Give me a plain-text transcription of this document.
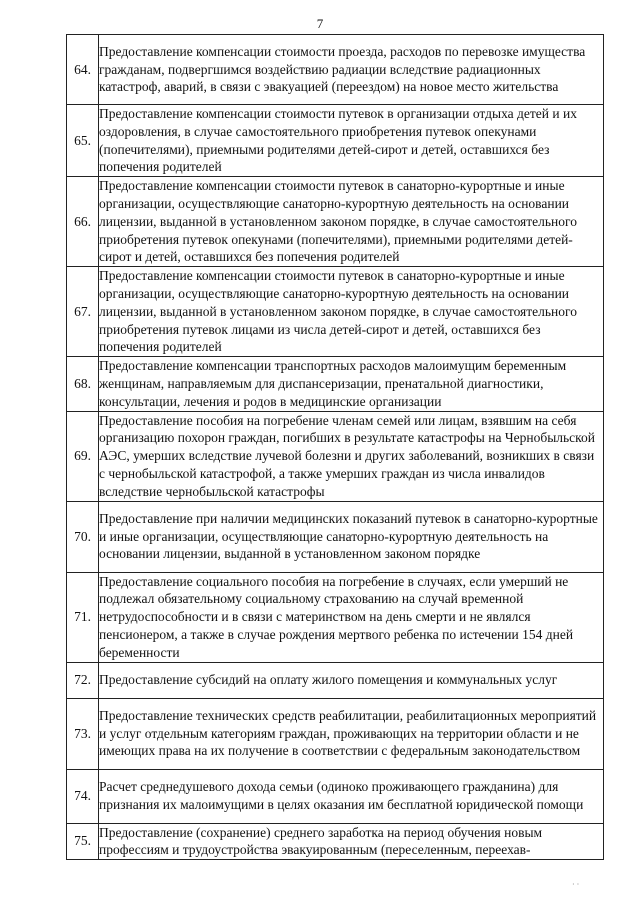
7
64.	Предоставление компенсации стоимости проезда, расходов по перевозке имущества гражданам, подвергшимся воздействию радиации вследствие радиационных катастроф, аварий, в связи с эвакуацией (переездом) на новое место жительства
65.	Предоставление компенсации стоимости путевок в организации отдыха детей и их оздоровления, в случае самостоятельного приобретения путевок опекунами (попечителями), приемными родителями детей-сирот и детей, оставшихся без попечения родителей
66.	Предоставление компенсации стоимости путевок в санаторно-курортные и иные организации, осуществляющие санаторно-курортную деятельность на основании лицензии, выданной в установленном законом порядке, в случае самостоятельного приобретения путевок опекунами (попечителями), приемными родителями детей-сирот и детей, оставшихся без попечения родителей
67.	Предоставление компенсации стоимости путевок в санаторно-курортные и иные организации, осуществляющие санаторно-курортную деятельность на основании лицензии, выданной в установленном законом порядке, в случае самостоятельного приобретения путевок лицами из числа детей-сирот и детей, оставшихся без попечения родителей
68.	Предоставление компенсации транспортных расходов малоимущим беременным женщинам, направляемым для диспансеризации, пренатальной диагностики, консультации, лечения и родов в медицинские организации
69.	Предоставление пособия на погребение членам семей или лицам, взявшим на себя организацию похорон граждан, погибших в результате катастрофы на Чернобыльской АЭС, умерших вследствие лучевой болезни и других заболеваний, возникших в связи с чернобыльской катастрофой, а также умерших граждан из числа инвалидов вследствие чернобыльской катастрофы
70.	Предоставление при наличии медицинских показаний путевок в санаторно-курортные и иные организации, осуществляющие санаторно-курортную деятельность на основании лицензии, выданной в установленном законом порядке
71.	Предоставление социального пособия на погребение в случаях, если умерший не подлежал обязательному социальному страхованию на случай временной нетрудоспособности и в связи с материнством на день смерти и не являлся пенсионером, а также в случае рождения мертвого ребенка по истечении 154 дней беременности
72.	Предоставление субсидий на оплату жилого помещения и коммунальных услуг
73.	Предоставление технических средств реабилитации, реабилитационных мероприятий и услуг отдельным категориям граждан, проживающих на территории области и не имеющих права на их получение в соответствии с федеральным законодательством
74.	Расчет среднедушевого дохода семьи (одиноко проживающего гражданина) для признания их малоимущими в целях оказания им бесплатной юридической помощи
75.	Предоставление (сохранение) среднего заработка на период обучения новым профессиям и трудоустройства эвакуированным (переселенным, переехав-
· ·
